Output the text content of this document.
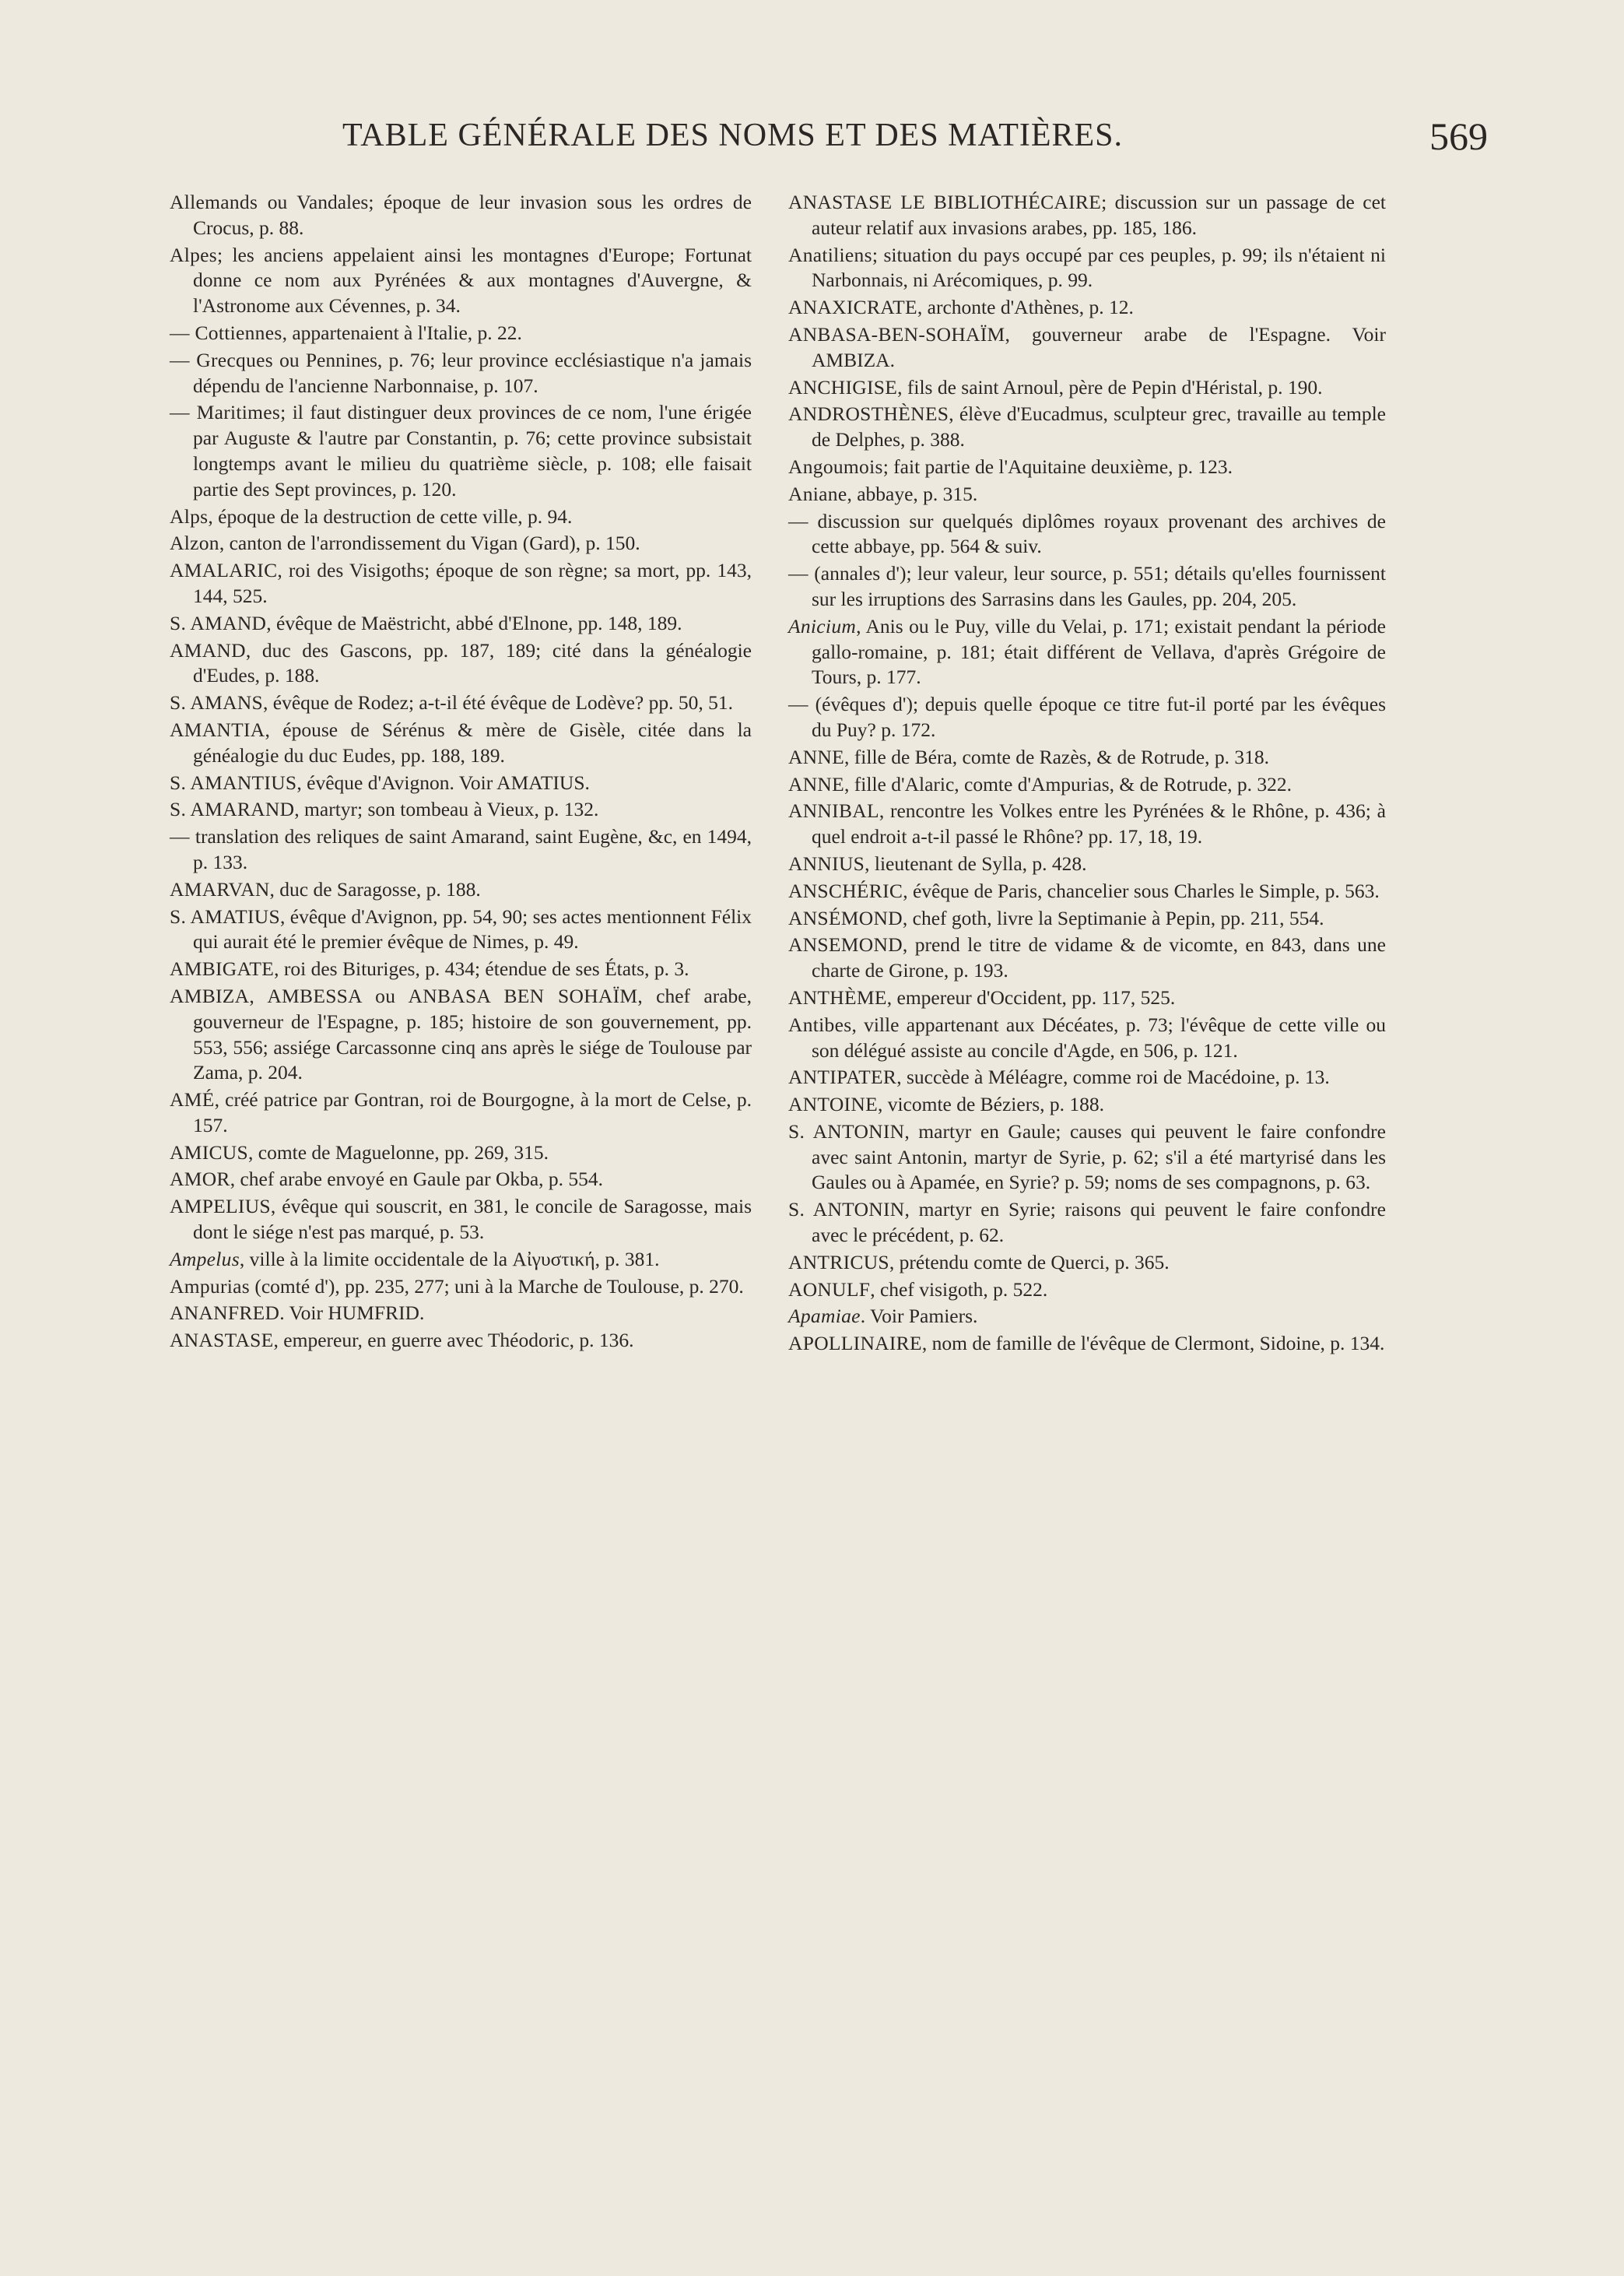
TABLE GÉNÉRALE DES NOMS ET DES MATIÈRES.	569

Allemands ou Vandales; époque de leur invasion sous les ordres de Crocus, p. 88.

Alpes; les anciens appelaient ainsi les montagnes d'Europe; Fortunat donne ce nom aux Pyrénées & aux montagnes d'Auvergne, & l'Astronome aux Cévennes, p. 34.

— Cottiennes, appartenaient à l'Italie, p. 22.

— Grecques ou Pennines, p. 76; leur province ecclésiastique n'a jamais dépendu de l'ancienne Narbonnaise, p. 107.

— Maritimes; il faut distinguer deux provinces de ce nom, l'une érigée par Auguste & l'autre par Constantin, p. 76; cette province subsistait longtemps avant le milieu du quatrième siècle, p. 108; elle faisait partie des Sept provinces, p. 120.

Alps, époque de la destruction de cette ville, p. 94.

Alzon, canton de l'arrondissement du Vigan (Gard), p. 150.

AMALARIC, roi des Visigoths; époque de son règne; sa mort, pp. 143, 144, 525.

S. AMAND, évêque de Maëstricht, abbé d'Elnone, pp. 148, 189.

AMAND, duc des Gascons, pp. 187, 189; cité dans la généalogie d'Eudes, p. 188.

S. AMANS, évêque de Rodez; a-t-il été évêque de Lodève? pp. 50, 51.

AMANTIA, épouse de Sérénus & mère de Gisèle, citée dans la généalogie du duc Eudes, pp. 188, 189.

S. AMANTIUS, évêque d'Avignon. Voir AMATIUS.

S. AMARAND, martyr; son tombeau à Vieux, p. 132.

— translation des reliques de saint Amarand, saint Eugène, &c, en 1494, p. 133.

AMARVAN, duc de Saragosse, p. 188.

S. AMATIUS, évêque d'Avignon, pp. 54, 90; ses actes mentionnent Félix qui aurait été le premier évêque de Nimes, p. 49.

AMBIGATE, roi des Bituriges, p. 434; étendue de ses États, p. 3.

AMBIZA, AMBESSA ou ANBASA BEN SOHAÏM, chef arabe, gouverneur de l'Espagne, p. 185; histoire de son gouvernement, pp. 553, 556; assiége Carcassonne cinq ans après le siége de Toulouse par Zama, p. 204.

AMÉ, créé patrice par Gontran, roi de Bourgogne, à la mort de Celse, p. 157.

AMICUS, comte de Maguelonne, pp. 269, 315.

AMOR, chef arabe envoyé en Gaule par Okba, p. 554.

AMPELIUS, évêque qui souscrit, en 381, le concile de Saragosse, mais dont le siége n'est pas marqué, p. 53.

Ampelus, ville à la limite occidentale de la Αἰγυστική, p. 381.

Ampurias (comté d'), pp. 235, 277; uni à la Marche de Toulouse, p. 270.

ANANFRED. Voir HUMFRID.

ANASTASE, empereur, en guerre avec Théodoric, p. 136.

ANASTASE LE BIBLIOTHÉCAIRE; discussion sur un passage de cet auteur relatif aux invasions arabes, pp. 185, 186.

Anatiliens; situation du pays occupé par ces peuples, p. 99; ils n'étaient ni Narbonnais, ni Arécomiques, p. 99.

ANAXICRATE, archonte d'Athènes, p. 12.

ANBASA-BEN-SOHAÏM, gouverneur arabe de l'Espagne. Voir AMBIZA.

ANCHIGISE, fils de saint Arnoul, père de Pepin d'Héristal, p. 190.

ANDROSTHÈNES, élève d'Eucadmus, sculpteur grec, travaille au temple de Delphes, p. 388.

Angoumois; fait partie de l'Aquitaine deuxième, p. 123.

Aniane, abbaye, p. 315.

— discussion sur quelqués diplômes royaux provenant des archives de cette abbaye, pp. 564 & suiv.

— (annales d'); leur valeur, leur source, p. 551; détails qu'elles fournissent sur les irruptions des Sarrasins dans les Gaules, pp. 204, 205.

Anicium, Anis ou le Puy, ville du Velai, p. 171; existait pendant la période gallo-romaine, p. 181; était différent de Vellava, d'après Grégoire de Tours, p. 177.

— (évêques d'); depuis quelle époque ce titre fut-il porté par les évêques du Puy? p. 172.

ANNE, fille de Béra, comte de Razès, & de Rotrude, p. 318.

ANNE, fille d'Alaric, comte d'Ampurias, & de Rotrude, p. 322.

ANNIBAL, rencontre les Volkes entre les Pyrénées & le Rhône, p. 436; à quel endroit a-t-il passé le Rhône? pp. 17, 18, 19.

ANNIUS, lieutenant de Sylla, p. 428.

ANSCHÉRIC, évêque de Paris, chancelier sous Charles le Simple, p. 563.

ANSÉMOND, chef goth, livre la Septimanie à Pepin, pp. 211, 554.

ANSEMOND, prend le titre de vidame & de vicomte, en 843, dans une charte de Girone, p. 193.

ANTHÈME, empereur d'Occident, pp. 117, 525.

Antibes, ville appartenant aux Décéates, p. 73; l'évêque de cette ville ou son délégué assiste au concile d'Agde, en 506, p. 121.

ANTIPATER, succède à Méléagre, comme roi de Macédoine, p. 13.

ANTOINE, vicomte de Béziers, p. 188.

S. ANTONIN, martyr en Gaule; causes qui peuvent le faire confondre avec saint Antonin, martyr de Syrie, p. 62; s'il a été martyrisé dans les Gaules ou à Apamée, en Syrie? p. 59; noms de ses compagnons, p. 63.

S. ANTONIN, martyr en Syrie; raisons qui peuvent le faire confondre avec le précédent, p. 62.

ANTRICUS, prétendu comte de Querci, p. 365.

AONULF, chef visigoth, p. 522.

Apamiae. Voir Pamiers.

APOLLINAIRE, nom de famille de l'évêque de Clermont, Sidoine, p. 134.
